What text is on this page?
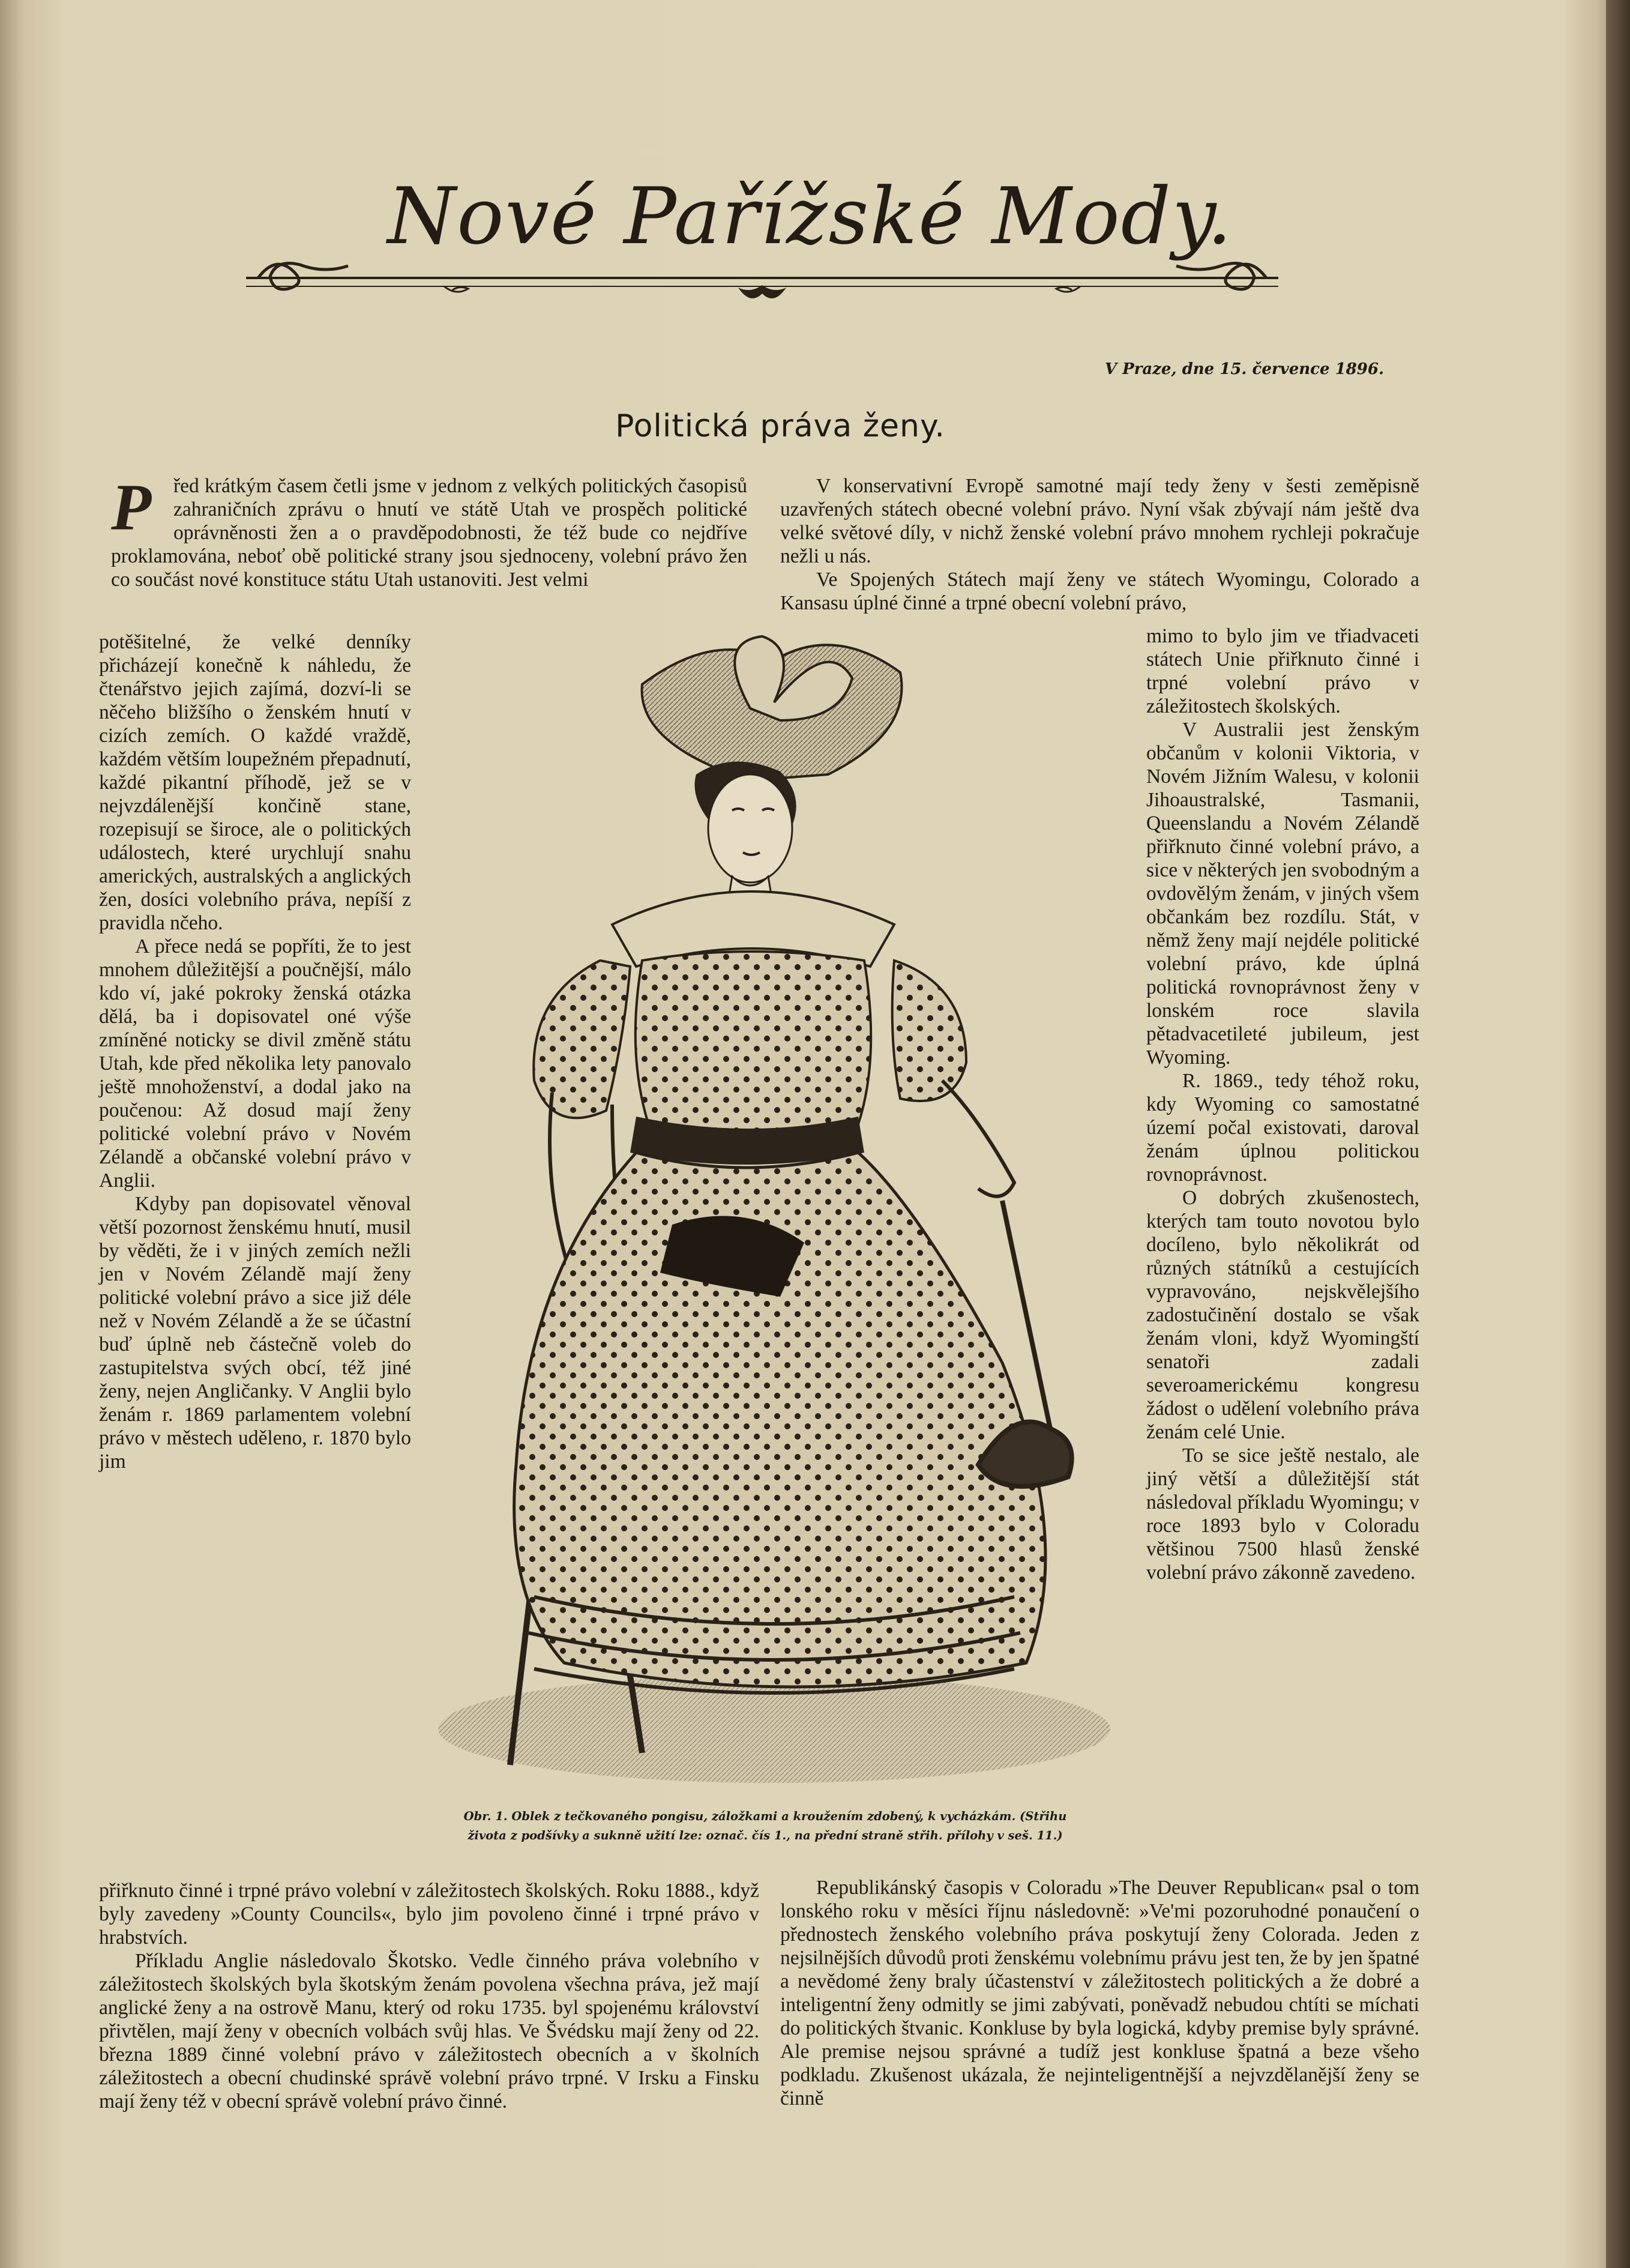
Nové Pařížské Mody.
V Praze, dne 15. července 1896.
Politická práva ženy.
P	řed krátkým časem četli jsme v jednom z velkých politických časopisů zahraničních zprávu o hnutí ve státě Utah ve prospěch politické oprávněnosti žen a o pravděpodobnosti, že též bude co nejdříve proklamována, neboť obě politické strany jsou sjednoceny, volební právo žen co součást nové konstituce státu Utah ustanoviti. Jest velmi

potěšitelné, že velké denníky přicházejí konečně k náhledu, že čtenářstvo jejich zajímá, dozví-li se něčeho bližšího o ženském hnutí v cizích zemích. O každé vraždě, každém větším loupežném přepadnutí, každé pikantní příhodě, jež se v nejvzdálenější končině stane, rozepisují se široce, ale o politických událostech, které urychlují snahu amerických, australských a anglických žen, dosíci volebního práva, nepíší z pravidla nčeho.

A přece nedá se popříti, že to jest mnohem důležitější a poučnější, málo kdo ví, jaké pokroky ženská otázka dělá, ba i dopisovatel oné výše zmíněné noticky se divil změně státu Utah, kde před několika lety panovalo ještě mnohoženství, a dodal jako na poučenou: Až dosud mají ženy politické volební právo v Novém Zélandě a občanské volební právo v Anglii.

Kdyby pan dopisovatel věnoval větší pozornost ženskému hnutí, musil by věděti, že i v jiných zemích nežli jen v Novém Zélandě mají ženy politické volební právo a sice již déle než v Novém Zélandě a že se účastní buď úplně neb částečně voleb do zastupitelstva svých obcí, též jiné ženy, nejen Angličanky. V Anglii bylo ženám r. 1869 parlamentem volební právo v městech uděleno, r. 1870 bylo jim

V konservativní Evropě samotné mají tedy ženy v šesti zeměpisně uzavřených státech obecné volební právo. Nyní však zbývají nám ještě dva velké světové díly, v nichž ženské volební právo mnohem rychleji pokračuje nežli u nás.

Ve Spojených Státech mají ženy ve státech Wyomingu, Colorado a Kansasu úplné činné a trpné obecní volební právo,

mimo to bylo jim ve třiadvaceti státech Unie přiřknuto činné i trpné volební právo v záležitostech školských.

V Australii jest ženským občanům v kolonii Viktoria, v Novém Jižním Walesu, v kolonii Jihoaustralské, Tasmanii, Queenslandu a Novém Zélandě přiřknuto činné volební právo, a sice v některých jen svobodným a ovdovělým ženám, v jiných všem občankám bez rozdílu. Stát, v němž ženy mají nejdéle politické volební právo, kde úplná politická rovnoprávnost ženy v lonském roce slavila pětadvacetileté jubileum, jest Wyoming.

R. 1869., tedy téhož roku, kdy Wyoming co samostatné území počal existovati, daroval ženám úplnou politickou rovnoprávnost.

O dobrých zkušenostech, kterých tam touto novotou bylo docíleno, bylo několikrát od různých státníků a cestujících vypravováno, nejskvělejšího zadostučinění dostalo se však ženám vloni, když Wyomingští senatoři zadali severoamerickému kongresu žádost o udělení volebního práva ženám celé Unie.

To se sice ještě nestalo, ale jiný větší a důležitější stát následoval příkladu Wyomingu; v roce 1893 bylo v Coloradu většinou 7500 hlasů ženské volební právo zákonně zavedeno.

Obr. 1. Oblek z tečkovaného pongisu, záložkami a kroužením zdobený, k vycházkám. (Střihu
života z podšívky a suknně užití lze: označ. čís 1., na přední straně střih. přílohy v seš. 11.)

přiřknuto činné i trpné právo volební v záležitostech školských. Roku 1888., když byly zavedeny »County Councils«, bylo jim povoleno činné i trpné právo v hrabstvích.

Příkladu Anglie následovalo Škotsko. Vedle činného práva volebního v záležitostech školských byla škotským ženám povolena všechna práva, jež mají anglické ženy a na ostrově Manu, který od roku 1735. byl spojenému království přivtělen, mají ženy v obecních volbách svůj hlas. Ve Švédsku mají ženy od 22. března 1889 činné volební právo v záležitostech obecních a v školních záležitostech a obecní chudinské správě volební právo trpné. V Irsku a Finsku mají ženy též v obecní správě volební právo činné.

Republikánský časopis v Coloradu »The Deuver Republican« psal o tom lonského roku v měsíci říjnu následovně: »Ve'mi pozoruhodné ponaučení o přednostech ženského volebního práva poskytují ženy Colorada. Jeden z nejsilnějších důvodů proti ženskému volebnímu právu jest ten, že by jen špatné a nevědomé ženy braly účastenství v záležitostech politických a že dobré a inteligentní ženy odmitly se jimi zabývati, poněvadž nebudou chtíti se míchati do politických štvanic. Konkluse by byla logická, kdyby premise byly správné. Ale premise nejsou správné a tudíž jest konkluse špatná a beze všeho podkladu. Zkušenost ukázala, že nejinteligentnější a nejvzdělanější ženy se činně
